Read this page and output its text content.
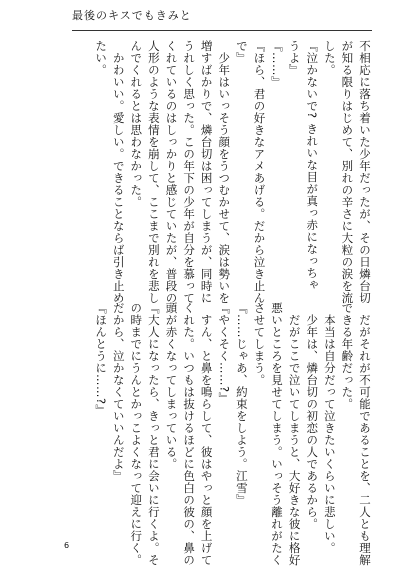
最後のキスでもきみと
不相応に落ち着いた少年だったが、その日燐台切
が知る限りはじめて、別れの辛さに大粒の涙を流
した。
『泣かないで? きれいな目が真っ赤になっちゃ
うよ』
『……』
『ほら、君の好きなアメあげる。だから泣き止ん
で』
　少年はいっそう顔をうつむかせて、涙は勢いを
増すばかりで、燐台切は困ってしまうが、同時に
うれしく思った。この年下の少年が自分を慕って
くれているのはしっかりと感じていたが、普段の
人形のような表情を崩して、ここまで別れを悲し
んでくれるとは思わなかった。
　かわいい。愛しい。できることならば引き止め
たい。
　だがそれが不可能であることを、二人とも理解
できる年齢だった。
　本当は自分だって泣きたいくらいに悲しい。
　少年は、燐台切の初恋の人であるから。
　だがここで泣いてしまうと、大好きな彼に格好
悪いところを見せてしまう。いっそう離れがたく
させてしまう。
『……じゃあ、約束をしよう。江雪』
『やくそく……?』
　すん、と鼻を鳴らして、彼はやっと顔を上げて
くれた。いつもは抜けるほどに色白の彼の、鼻の
頭が赤くなってしまっている。
『大人になったら、きっと君に会いに行くよ。そ
の時までにうんとかっこよくなって迎えに行く。
だから、泣かなくていいんだよ』
『ほんとうに……?』
6
